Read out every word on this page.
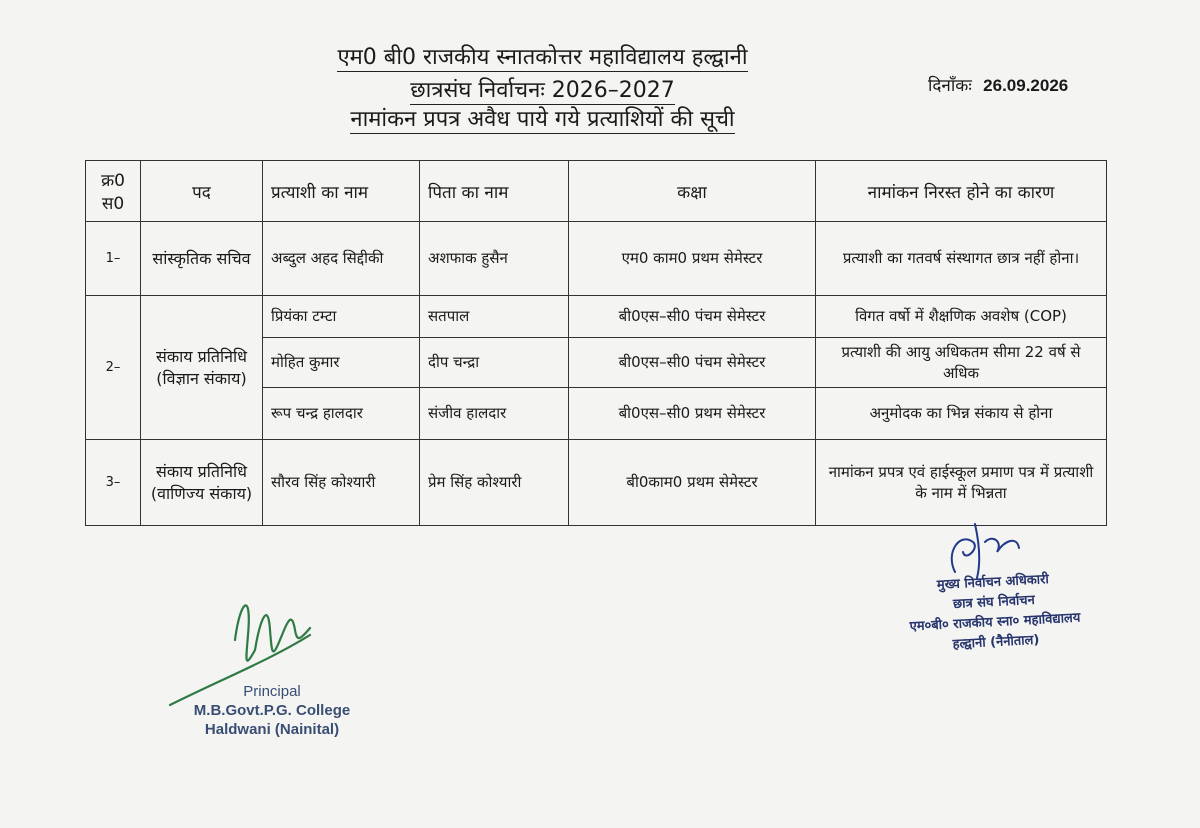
एम0 बी0 राजकीय स्नातकोत्तर महाविद्यालय हल्द्वानी
छात्रसंघ निर्वाचनः 2026–2027
नामांकन प्रपत्र अवैध पाये गये प्रत्याशियों की सूची
दिनाँकः 26.09.2026
क्र0 स0	पद	प्रत्याशी का नाम	पिता का नाम	कक्षा	नामांकन निरस्त होने का कारण
1–	सांस्कृतिक सचिव	अब्दुल अहद सिद्दीकी	अशफाक हुसैन	एम0 काम0 प्रथम सेमेस्टर	प्रत्याशी का गतवर्ष संस्थागत छात्र नहीं होना।
2–	संकाय प्रतिनिधि (विज्ञान संकाय)	प्रियंका टम्टा	सतपाल	बी0एस–सी0 पंचम सेमेस्टर	विगत वर्षो में शैक्षणिक अवशेष (COP)
		मोहित कुमार	दीप चन्द्रा	बी0एस–सी0 पंचम सेमेस्टर	प्रत्याशी की आयु अधिकतम सीमा 22 वर्ष से अधिक
		रूप चन्द्र हालदार	संजीव हालदार	बी0एस–सी0 प्रथम सेमेस्टर	अनुमोदक का भिन्न संकाय से होना
3–	संकाय प्रतिनिधि (वाणिज्य संकाय)	सौरव सिंह कोश्यारी	प्रेम सिंह कोश्यारी	बी0काम0 प्रथम सेमेस्टर	नामांकन प्रपत्र एवं हाईस्कूल प्रमाण पत्र में प्रत्याशी के नाम में भिन्नता
Principal
M.B.Govt.P.G. College
Haldwani (Nainital)
मुख्य निर्वाचन अधिकारी
छात्र संघ निर्वाचन
एम०बी० राजकीय स्ना० महाविद्यालय
हल्द्वानी (नैनीताल)
